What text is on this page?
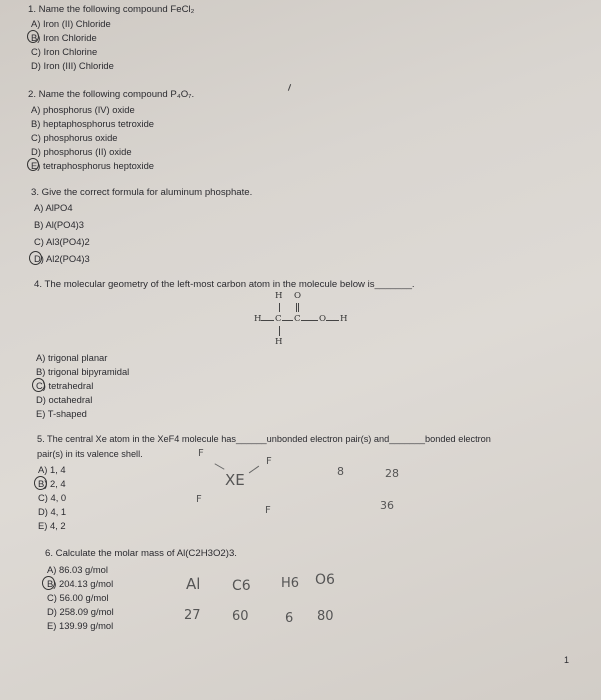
1. Name the following compound FeCl₂
A) Iron (II) Chloride
B) Iron Chloride
C) Iron Chlorine
D) Iron (III) Chloride
2. Name the following compound P₄O₇.
A) phosphorus (IV) oxide
B) heptaphosphorus tetroxide
C) phosphorus oxide
D) phosphorus (II) oxide
E) tetraphosphorus heptoxide
3. Give the correct formula for aluminum phosphate.
A) AlPO4
B) Al(PO4)3
C) Al3(PO4)2
D) Al2(PO4)3
4. The molecular geometry of the left-most carbon atom in the molecule below is_______.
H O
H C C O H
H
A) trigonal planar
B) trigonal bipyramidal
C) tetrahedral
D) octahedral
E) T-shaped
5. The central Xe atom in the XeF4 molecule has______unbonded electron pair(s) and_______bonded electron
pair(s) in its valence shell.
A) 1, 4
B) 2, 4
C) 4, 0
D) 4, 1
E) 4, 2
F
F
XE
F
F
8	28
36
6. Calculate the molar mass of Al(C2H3O2)3.
A) 86.03 g/mol
B) 204.13 g/mol
C) 56.00 g/mol
D) 258.09 g/mol
E) 139.99 g/mol
Al C6 H6 O6
27 60	6 80
1
